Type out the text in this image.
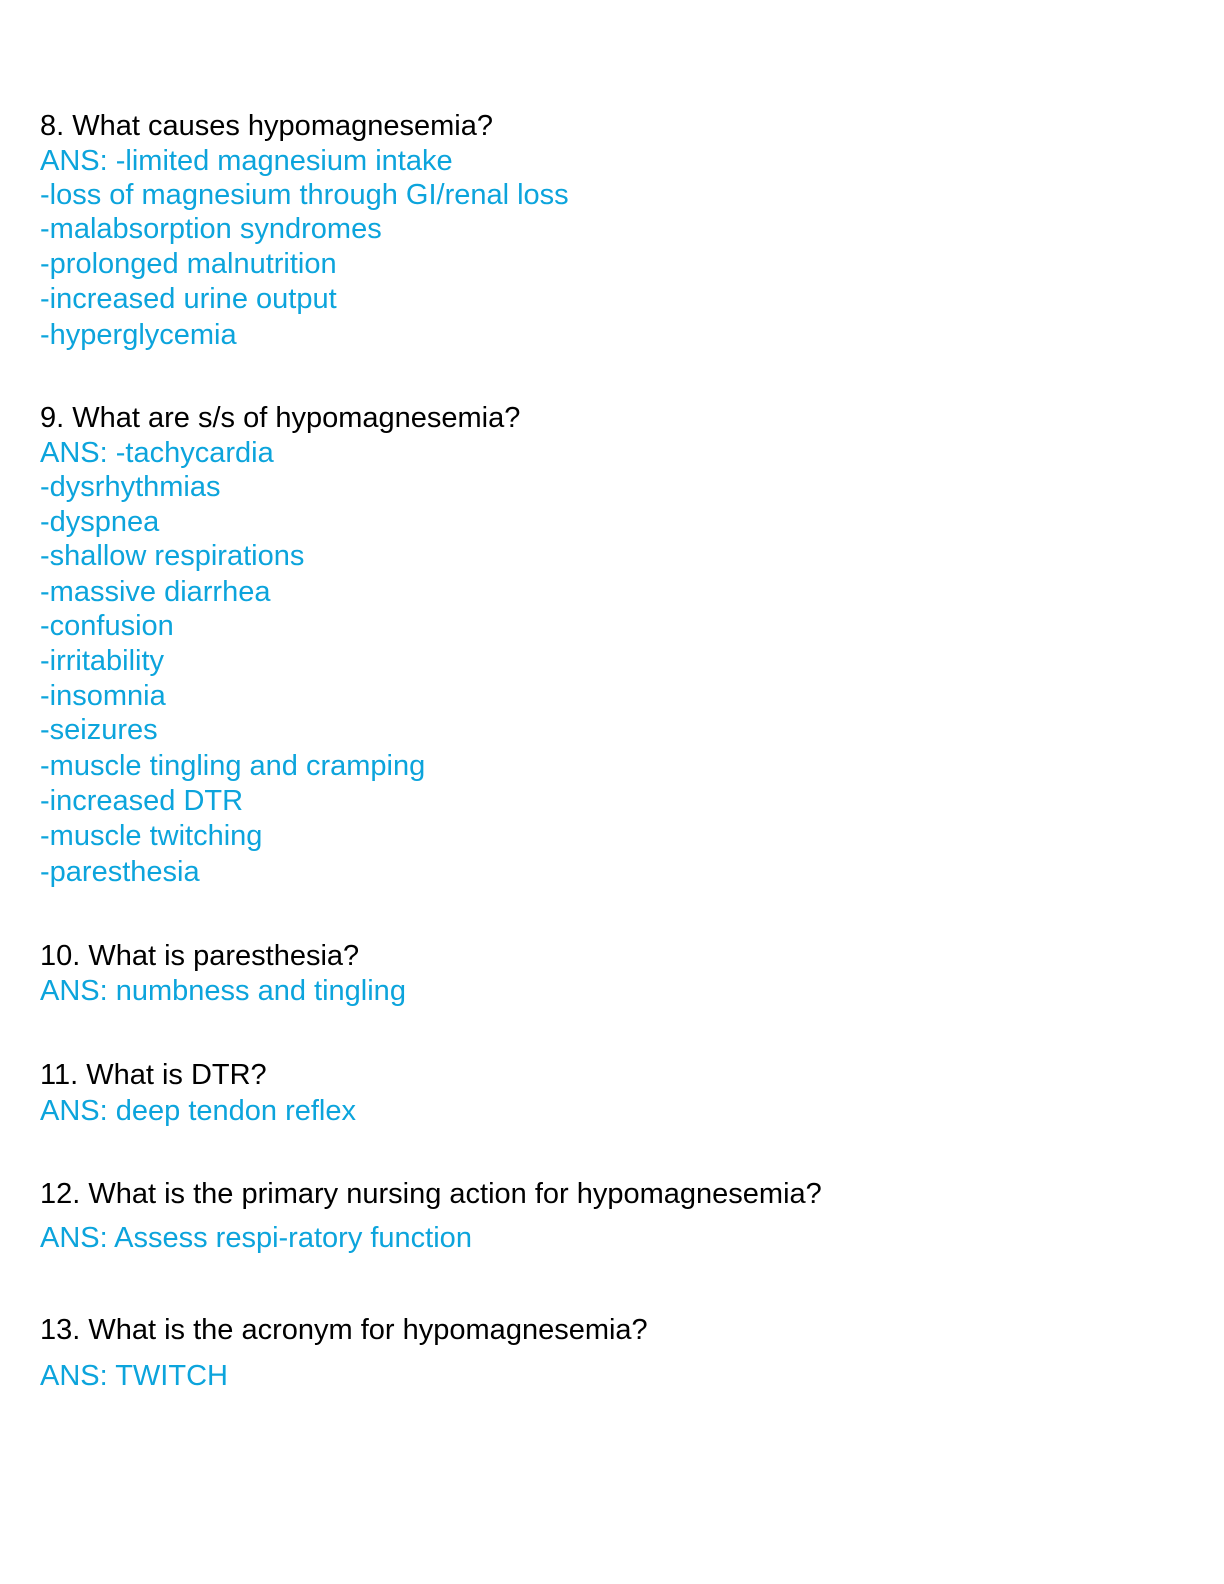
8. What causes hypomagnesemia?

ANS: -limited magnesium intake

-loss of magnesium through GI/renal loss

-malabsorption syndromes

-prolonged malnutrition

-increased urine output

-hyperglycemia

9. What are s/s of hypomagnesemia?

ANS: -tachycardia

-dysrhythmias

-dyspnea

-shallow respirations

-massive diarrhea

-confusion

-irritability

-insomnia

-seizures

-muscle tingling and cramping

-increased DTR

-muscle twitching

-paresthesia

10. What is paresthesia?

ANS: numbness and tingling

11. What is DTR?

ANS: deep tendon reflex

12. What is the primary nursing action for hypomagnesemia?

ANS: Assess respi-ratory function

13. What is the acronym for hypomagnesemia?

ANS: TWITCH
